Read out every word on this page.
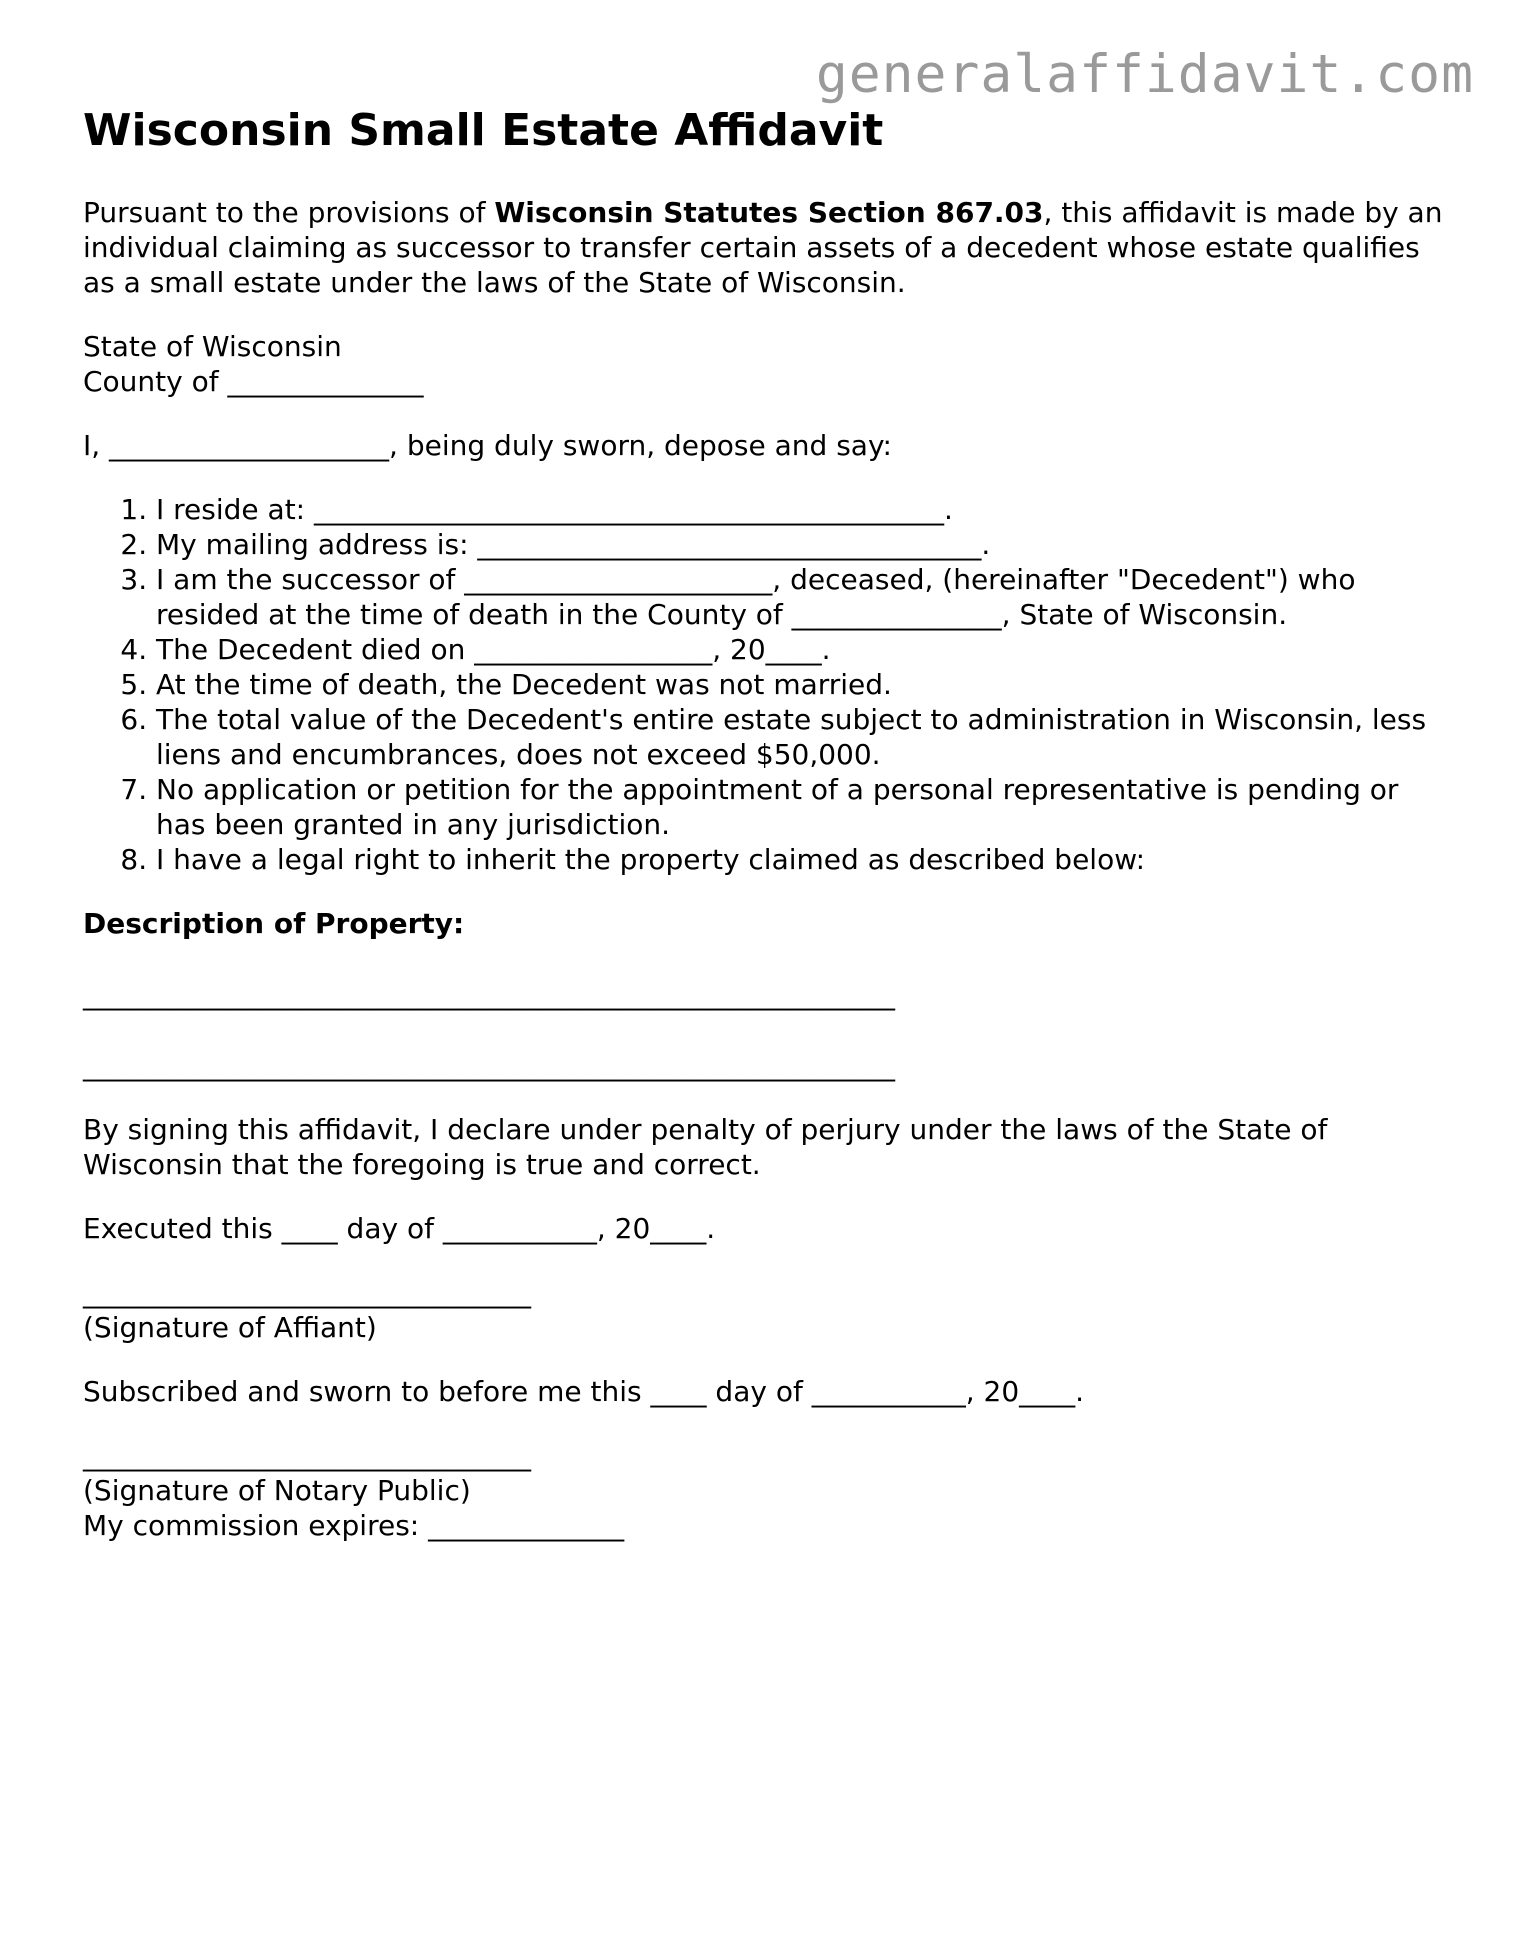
generalaffidavit.com
Wisconsin Small Estate Affidavit

Pursuant to the provisions of Wisconsin Statutes Section 867.03, this affidavit is made by an individual claiming as successor to transfer certain assets of a decedent whose estate qualifies as a small estate under the laws of the State of Wisconsin.

State of Wisconsin
County of ______________

I, ____________________, being duly sworn, depose and say:

1. I reside at: _____________________________________________.
2. My mailing address is: ____________________________________.
3. I am the successor of ______________________, deceased, (hereinafter "Decedent") who resided at the time of death in the County of _______________, State of Wisconsin.
4. The Decedent died on _________________, 20____.
5. At the time of death, the Decedent was not married.
6. The total value of the Decedent's entire estate subject to administration in Wisconsin, less liens and encumbrances, does not exceed $50,000.
7. No application or petition for the appointment of a personal representative is pending or has been granted in any jurisdiction.
8. I have a legal right to inherit the property claimed as described below:

Description of Property:

__________________________________________________________

__________________________________________________________

By signing this affidavit, I declare under penalty of perjury under the laws of the State of Wisconsin that the foregoing is true and correct.

Executed this ____ day of ___________, 20____.

________________________________

(Signature of Affiant)

Subscribed and sworn to before me this ____ day of ___________, 20____.

________________________________

(Signature of Notary Public)

My commission expires: ______________
